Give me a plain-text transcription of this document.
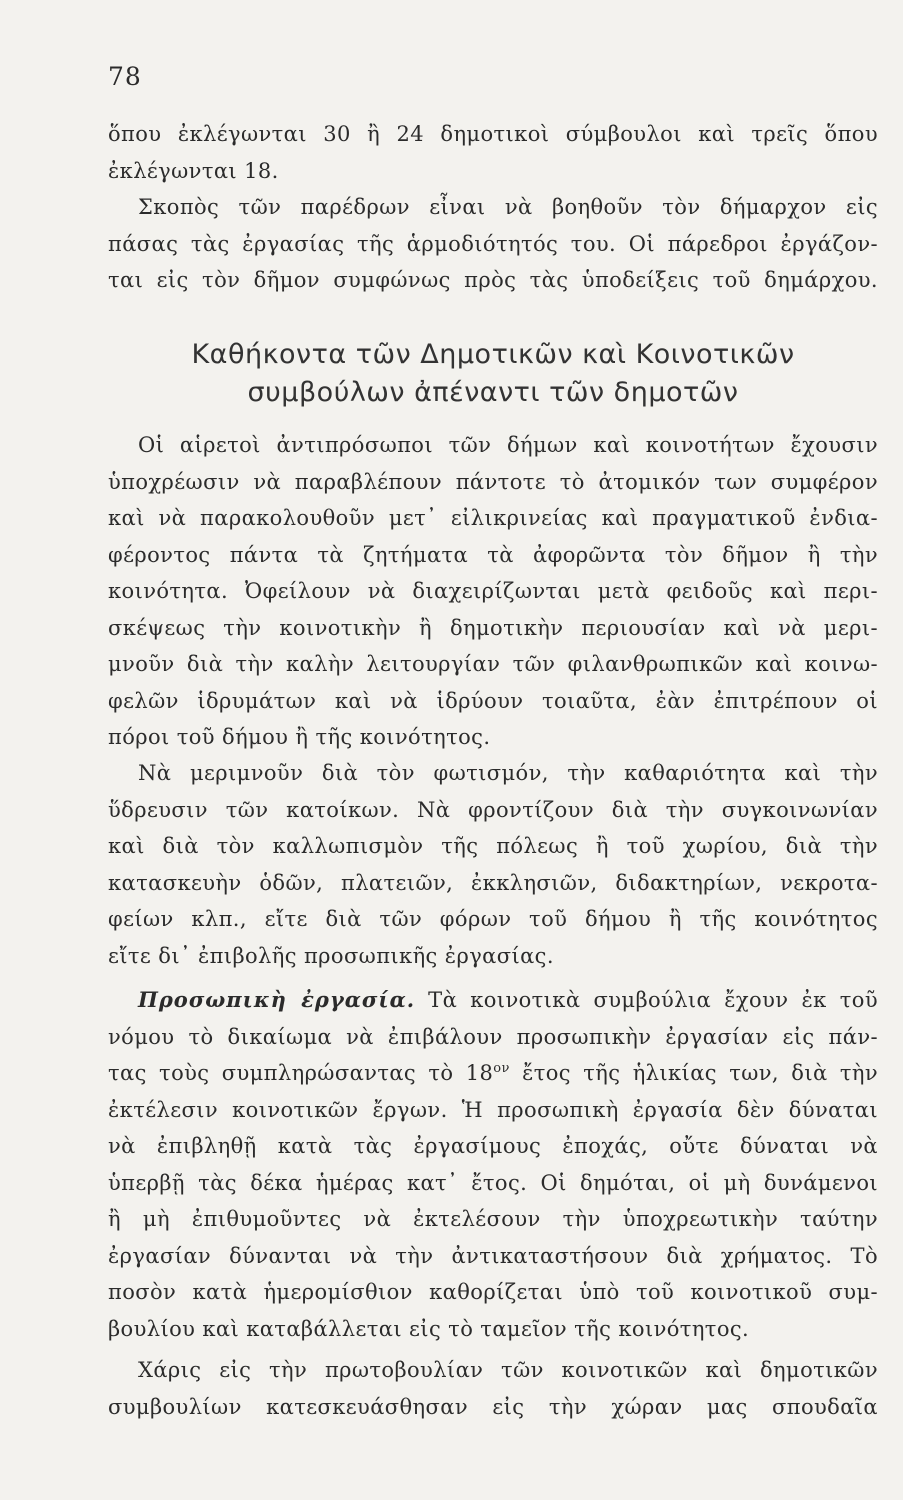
78
ὅπου ἐκλέγωνται 30 ἢ 24 δημοτικοὶ σύμβουλοι καὶ τρεῖς ὅπου
ἐκλέγωνται 18.
Σκοπὸς τῶν παρέδρων εἶναι νὰ βοηθοῦν τὸν δήμαρχον εἰς
πάσας τὰς ἐργασίας τῆς ἁρμοδιότητός του. Οἱ πάρεδροι ἐργάζον-
ται εἰς τὸν δῆμον συμφώνως πρὸς τὰς ὑποδείξεις τοῦ δημάρχου.
Καθήκοντα τῶν Δημοτικῶν καὶ Κοινοτικῶν
συμβούλων ἀπέναντι τῶν δημοτῶν
Οἱ αἱρετοὶ ἀντιπρόσωποι τῶν δήμων καὶ κοινοτήτων ἔχουσιν
ὑποχρέωσιν νὰ παραβλέπουν πάντοτε τὸ ἀτομικόν των συμφέρον
καὶ νὰ παρακολουθοῦν μετ᾿ εἰλικρινείας καὶ πραγματικοῦ ἐνδια-
φέροντος πάντα τὰ ζητήματα τὰ ἀφορῶντα τὸν δῆμον ἢ τὴν
κοινότητα. Ὀφείλουν νὰ διαχειρίζωνται μετὰ φειδοῦς καὶ περι-
σκέψεως τὴν κοινοτικὴν ἢ δημοτικὴν περιουσίαν καὶ νὰ μερι-
μνοῦν διὰ τὴν καλὴν λειτουργίαν τῶν φιλανθρωπικῶν καὶ κοινω-
φελῶν ἱδρυμάτων καὶ νὰ ἱδρύουν τοιαῦτα, ἐὰν ἐπιτρέπουν οἱ
πόροι τοῦ δήμου ἢ τῆς κοινότητος.
Νὰ μεριμνοῦν διὰ τὸν φωτισμόν, τὴν καθαριότητα καὶ τὴν
ὕδρευσιν τῶν κατοίκων. Νὰ φροντίζουν διὰ τὴν συγκοινωνίαν
καὶ διὰ τὸν καλλωπισμὸν τῆς πόλεως ἢ τοῦ χωρίου, διὰ τὴν
κατασκευὴν ὁδῶν, πλατειῶν, ἐκκλησιῶν, διδακτηρίων, νεκροτα-
φείων κλπ., εἴτε διὰ τῶν φόρων τοῦ δήμου ἢ τῆς κοινότητος
εἴτε δι᾿ ἐπιβολῆς προσωπικῆς ἐργασίας.
Προσωπικὴ ἐργασία. Τὰ κοινοτικὰ συμβούλια ἔχουν ἐκ τοῦ
νόμου τὸ δικαίωμα νὰ ἐπιβάλουν προσωπικὴν ἐργασίαν εἰς πάν-
τας τοὺς συμπληρώσαντας τὸ $18^{o\nu}$ ἔτος τῆς ἡλικίας των, διὰ τὴν
ἐκτέλεσιν κοινοτικῶν ἔργων. Ἡ προσωπικὴ ἐργασία δὲν δύναται
νὰ ἐπιβληθῇ κατὰ τὰς ἐργασίμους ἐποχάς, οὔτε δύναται νὰ
ὑπερβῇ τὰς δέκα ἡμέρας κατ᾿ ἔτος. Οἱ δημόται, οἱ μὴ δυνάμενοι
ἢ μὴ ἐπιθυμοῦντες νὰ ἐκτελέσουν τὴν ὑποχρεωτικὴν ταύτην
ἐργασίαν δύνανται νὰ τὴν ἀντικαταστήσουν διὰ χρήματος. Τὸ
ποσὸν κατὰ ἡμερομίσθιον καθορίζεται ὑπὸ τοῦ κοινοτικοῦ συμ-
βουλίου καὶ καταβάλλεται εἰς τὸ ταμεῖον τῆς κοινότητος.
Χάρις εἰς τὴν πρωτοβουλίαν τῶν κοινοτικῶν καὶ δημοτικῶν
συμβουλίων κατεσκευάσθησαν εἰς τὴν χώραν μας σπουδαῖα
